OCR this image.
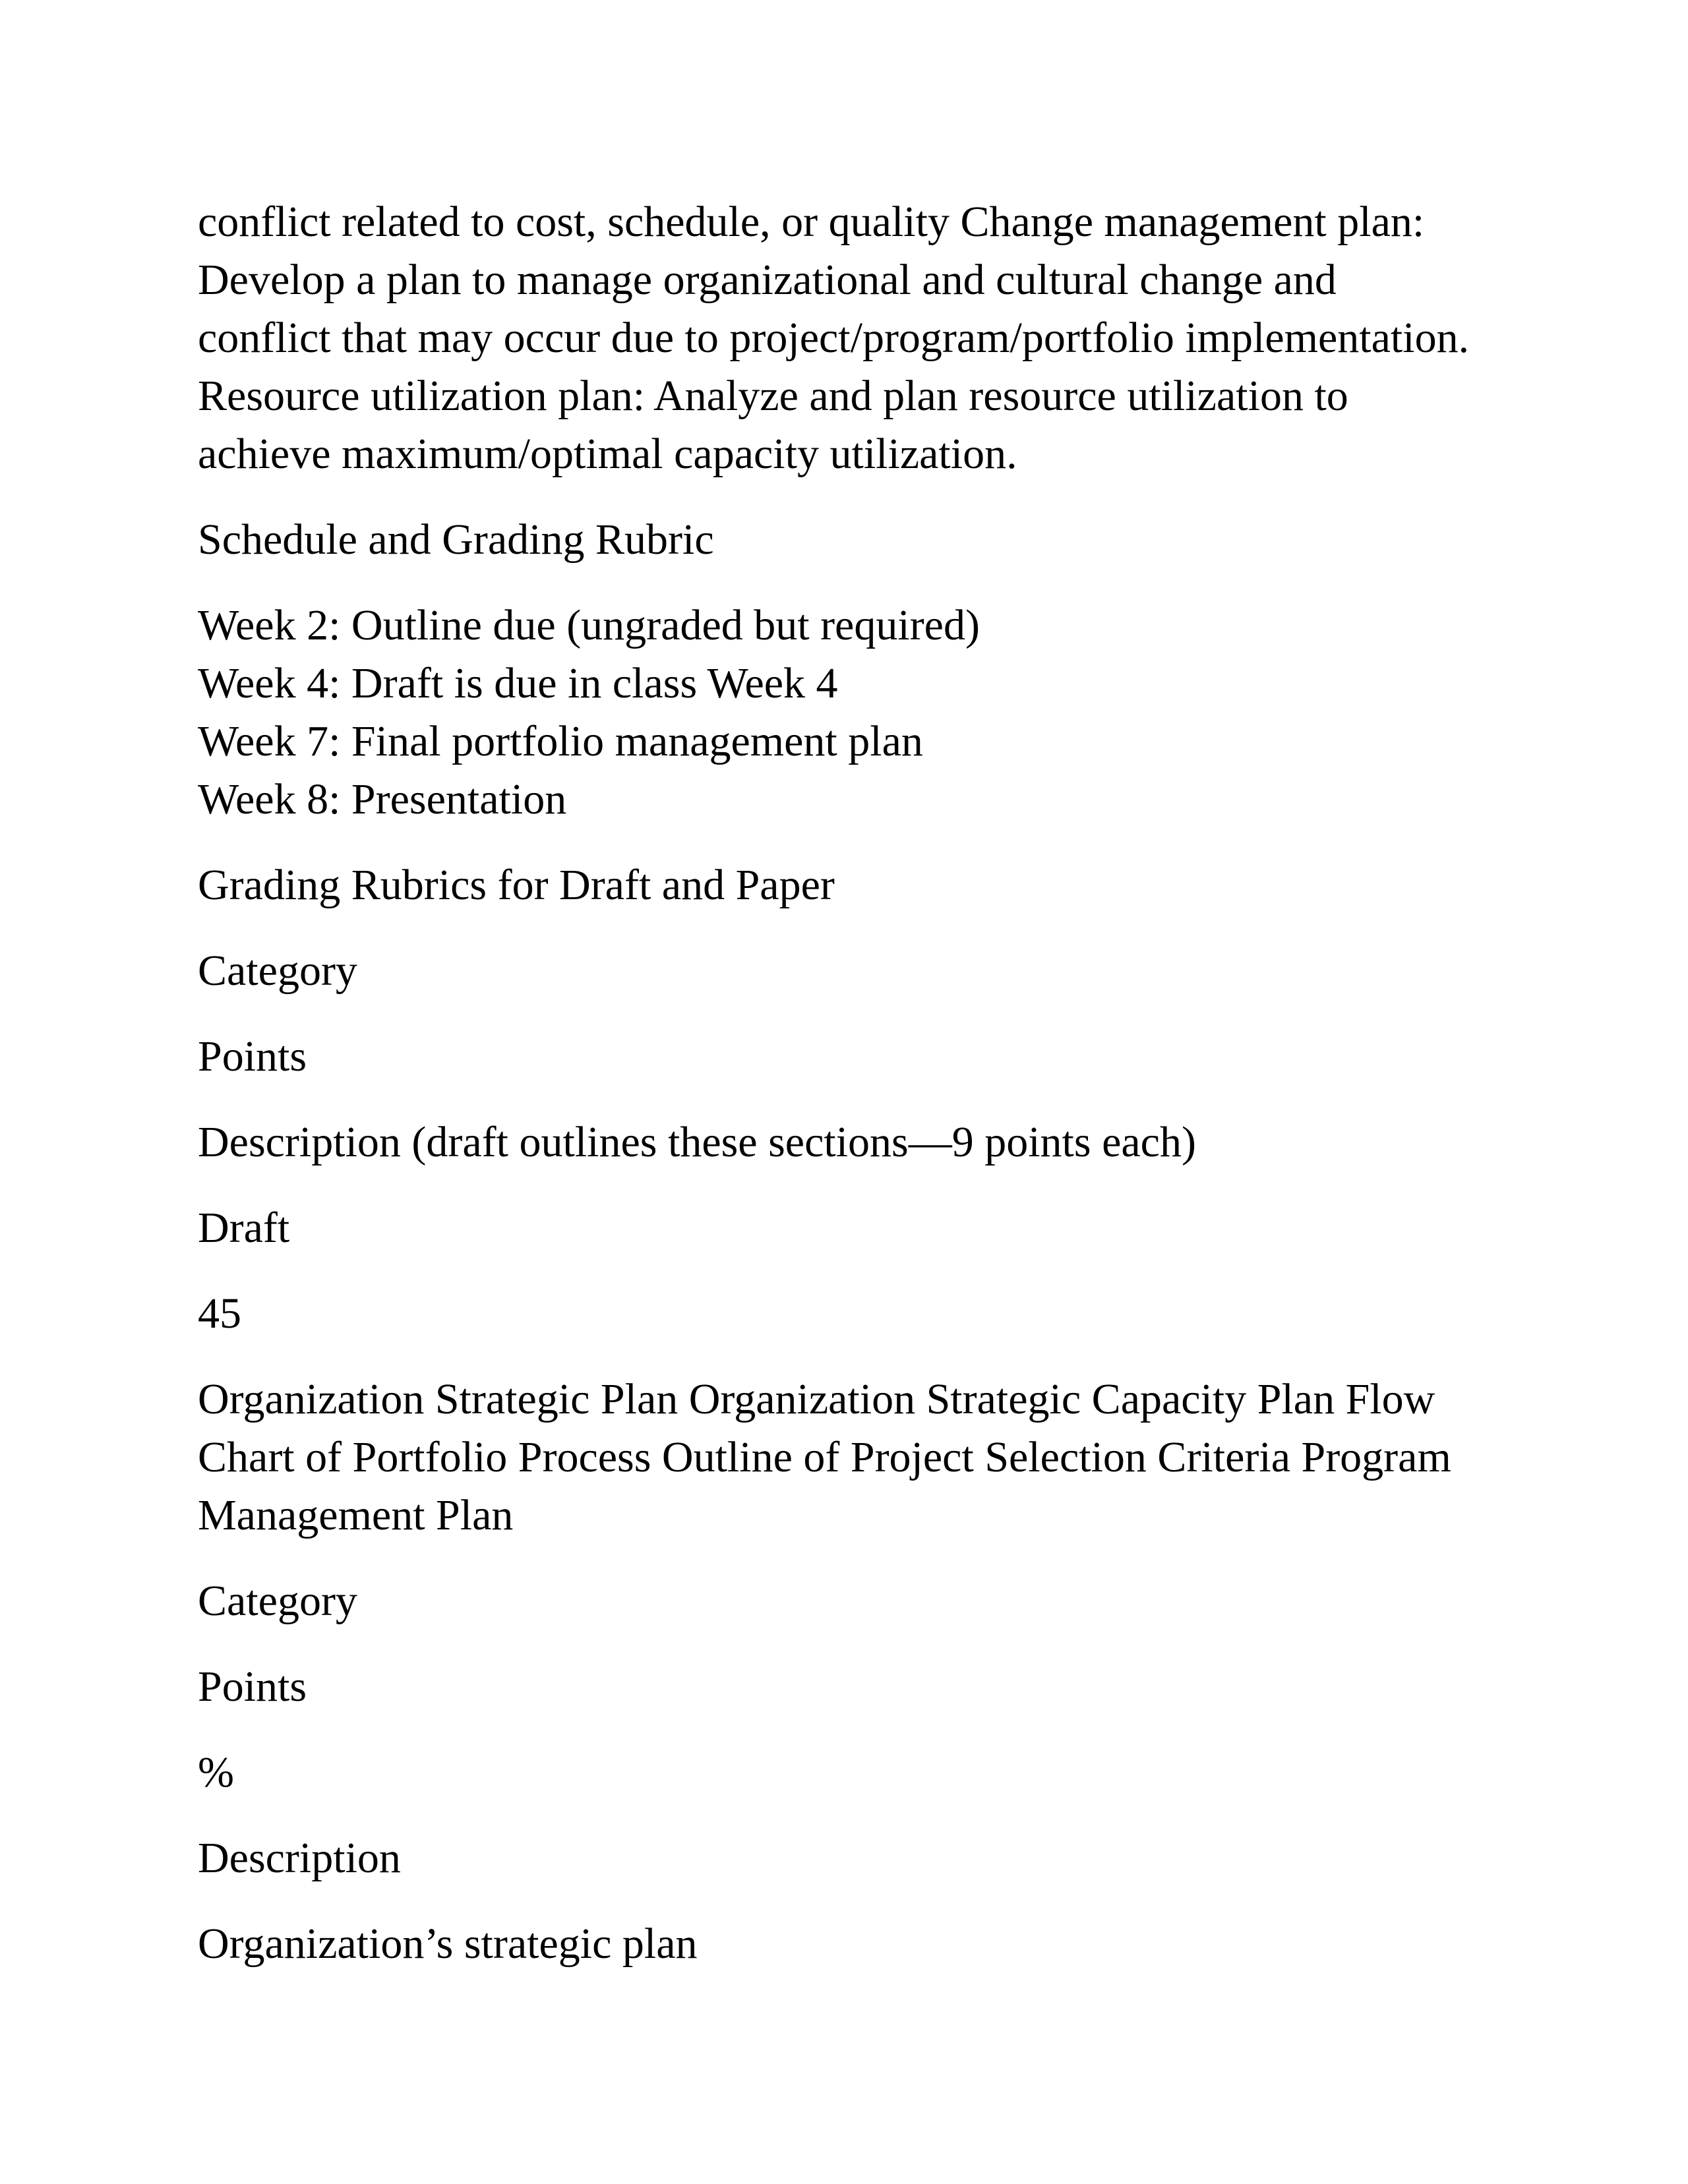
conflict related to cost, schedule, or quality Change management plan:
Develop a plan to manage organizational and cultural change and
conflict that may occur due to project/program/portfolio implementation.
Resource utilization plan: Analyze and plan resource utilization to
achieve maximum/optimal capacity utilization.

Schedule and Grading Rubric

Week 2: Outline due (ungraded but required)
Week 4: Draft is due in class Week 4
Week 7: Final portfolio management plan
Week 8: Presentation

Grading Rubrics for Draft and Paper

Category

Points

Description (draft outlines these sections—9 points each)

Draft

45

Organization Strategic Plan Organization Strategic Capacity Plan Flow
Chart of Portfolio Process Outline of Project Selection Criteria Program
Management Plan

Category

Points

%

Description

Organization’s strategic plan
